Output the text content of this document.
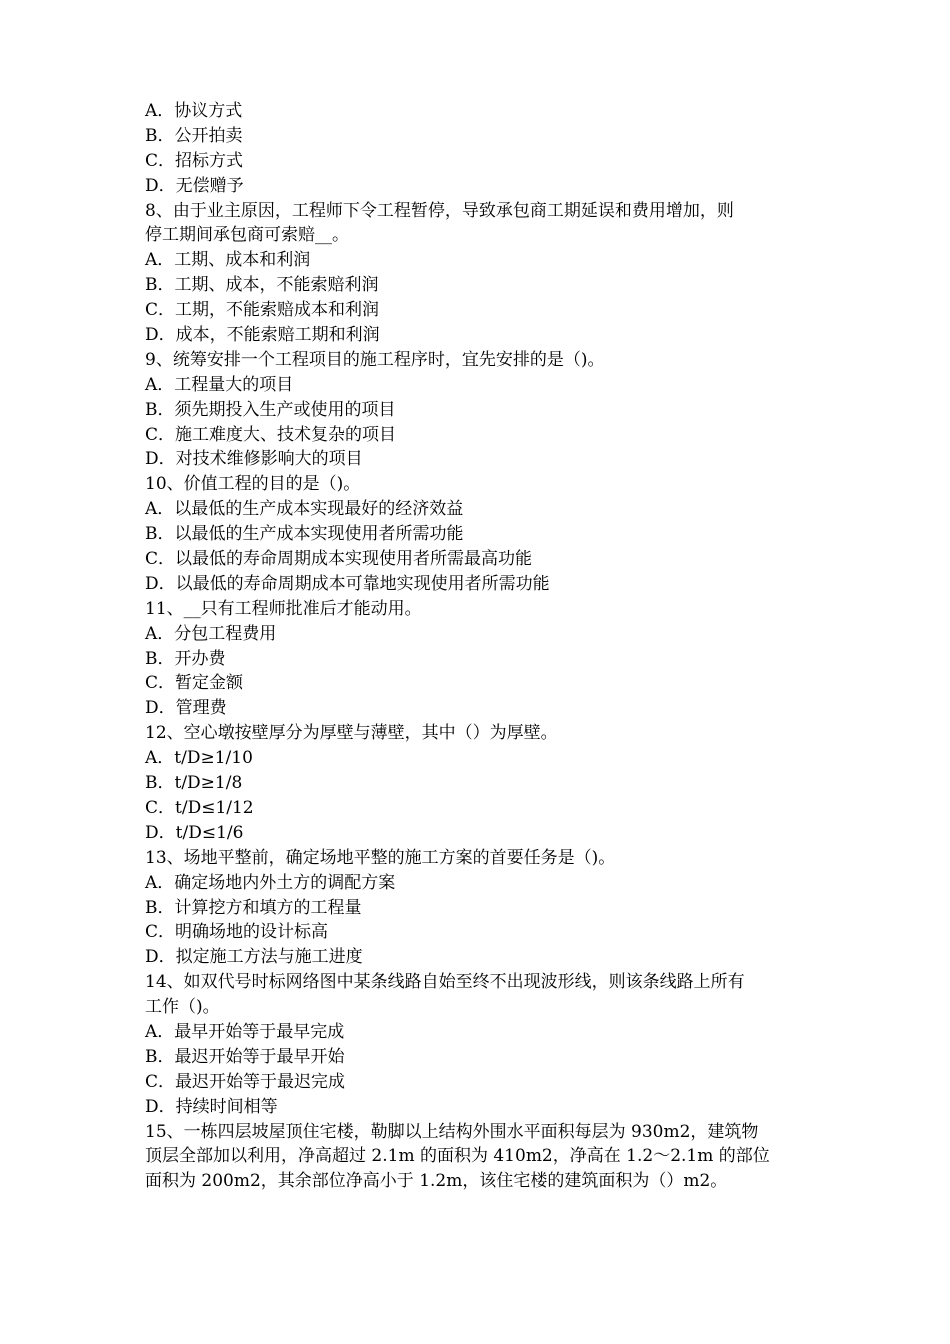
A．协议方式
B．公开拍卖
C．招标方式
D．无偿赠予
8、由于业主原因，工程师下令工程暂停，导致承包商工期延误和费用增加，则
停工期间承包商可索赔__。
A．工期、成本和利润
B．工期、成本，不能索赔利润
C．工期，不能索赔成本和利润
D．成本，不能索赔工期和利润
9、统筹安排一个工程项目的施工程序时，宜先安排的是（)。
A．工程量大的项目
B．须先期投入生产或使用的项目
C．施工难度大、技术复杂的项目
D．对技术维修影响大的项目
10、价值工程的目的是（)。
A．以最低的生产成本实现最好的经济效益
B．以最低的生产成本实现使用者所需功能
C．以最低的寿命周期成本实现使用者所需最高功能
D．以最低的寿命周期成本可靠地实现使用者所需功能
11、__只有工程师批准后才能动用。
A．分包工程费用
B．开办费
C．暂定金额
D．管理费
12、空心墩按壁厚分为厚壁与薄壁，其中（）为厚壁。
A．t/D≥1/10
B．t/D≥1/8
C．t/D≤1/12
D．t/D≤1/6
13、场地平整前，确定场地平整的施工方案的首要任务是（)。
A．确定场地内外土方的调配方案
B．计算挖方和填方的工程量
C．明确场地的设计标高
D．拟定施工方法与施工进度
14、如双代号时标网络图中某条线路自始至终不出现波形线，则该条线路上所有
工作（)。
A．最早开始等于最早完成
B．最迟开始等于最早开始
C．最迟开始等于最迟完成
D．持续时间相等
15、一栋四层坡屋顶住宅楼，勒脚以上结构外围水平面积每层为 930m2，建筑物
顶层全部加以利用，净高超过 2.1m 的面积为 410m2，净高在 1.2～2.1m 的部位
面积为 200m2，其余部位净高小于 1.2m，该住宅楼的建筑面积为（）m2。
